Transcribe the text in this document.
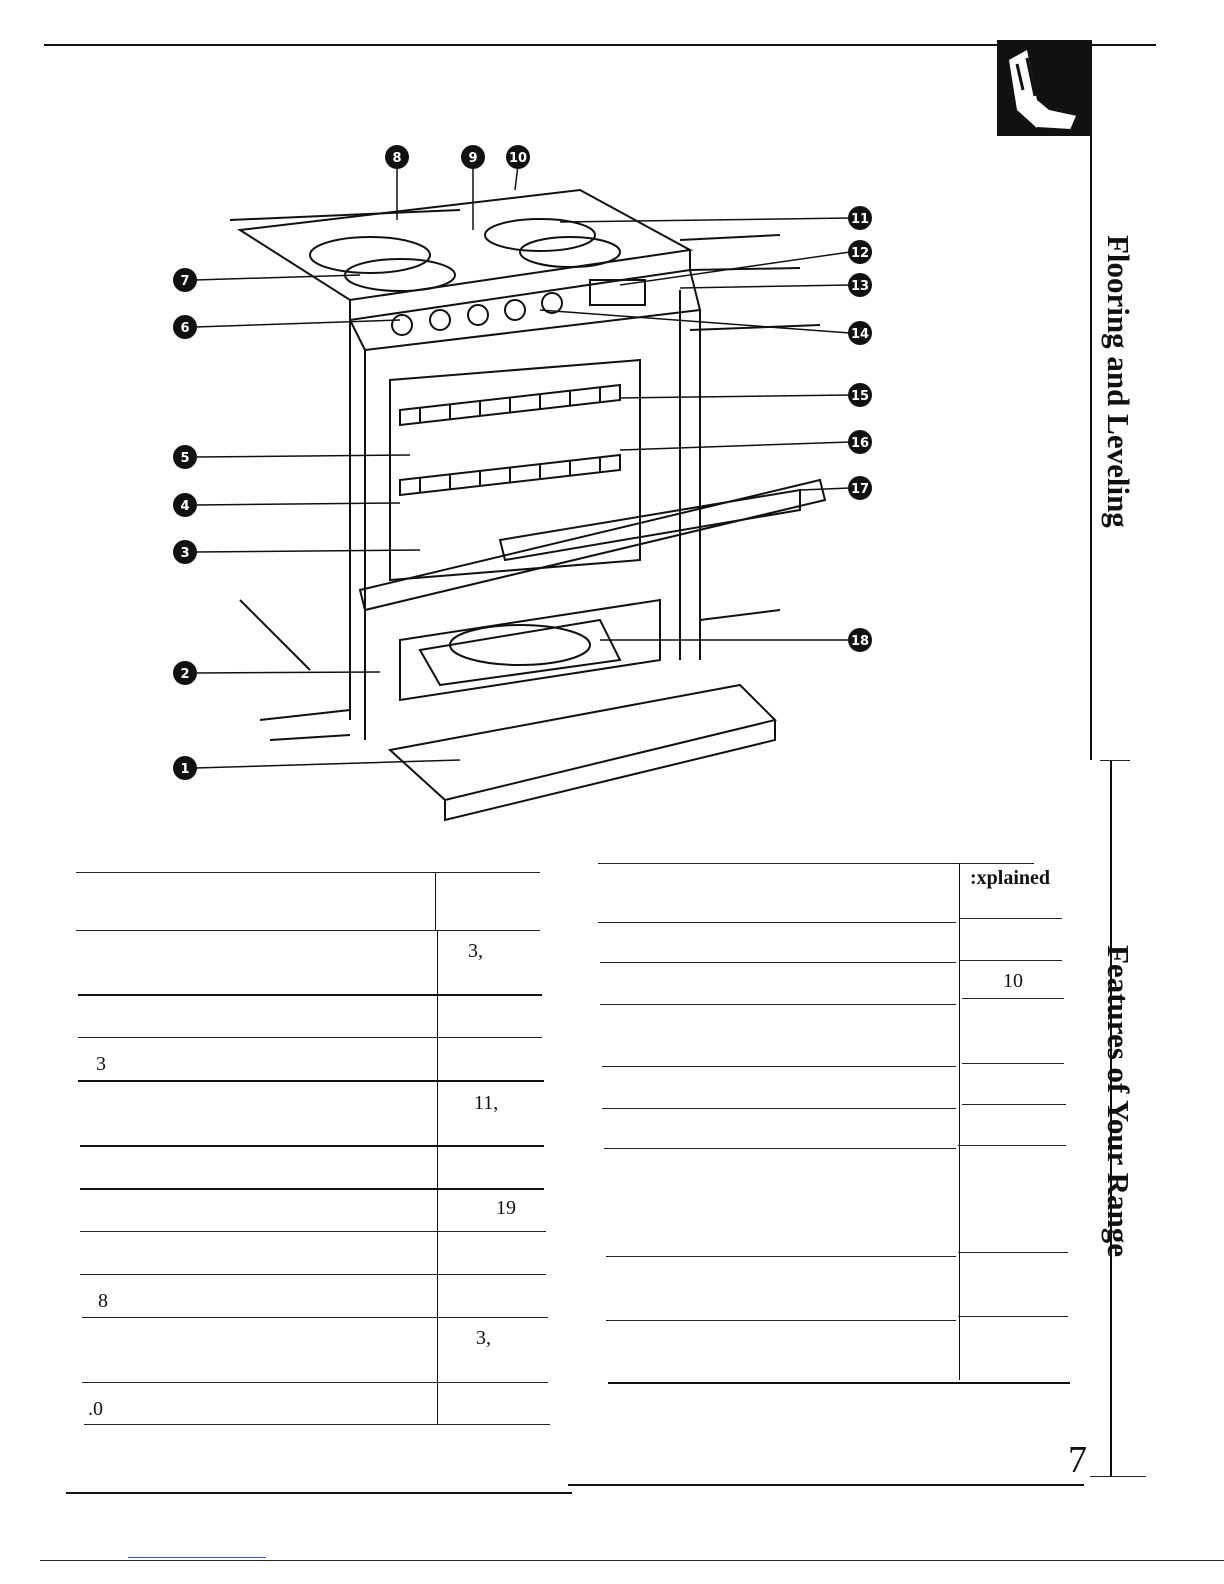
Flooring and Leveling
Features of Your Range
1
2
3
4
5
6
7
8	9 10
11
12
13
14
15
16
17
18
3,
3
11,
19
8
3,
.0
:xplained
10
7
